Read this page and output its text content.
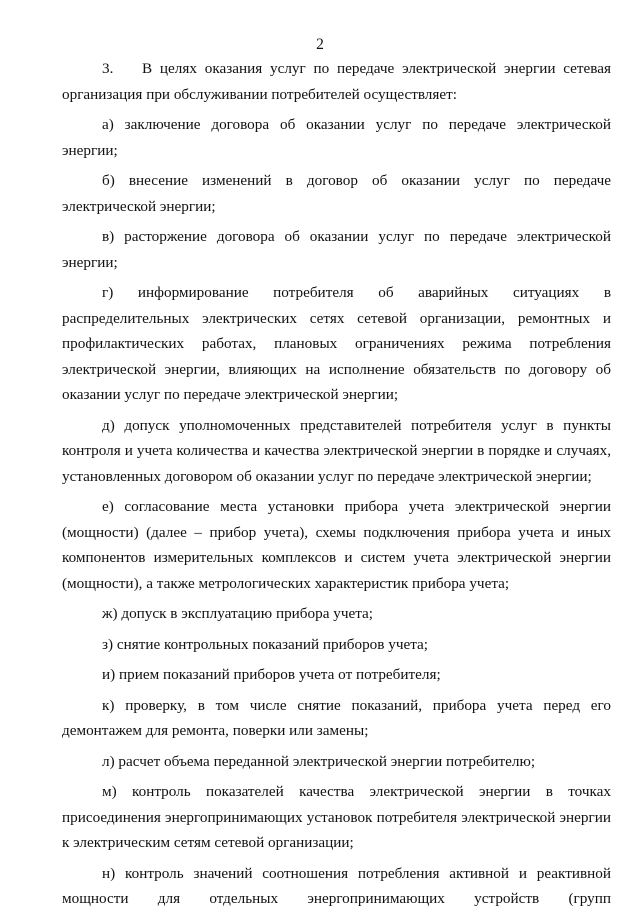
2

3. В целях оказания услуг по передаче электрической энергии сетевая организация при обслуживании потребителей осуществляет:

а) заключение договора об оказании услуг по передаче электрической энергии;

б) внесение изменений в договор об оказании услуг по передаче электрической энергии;

в) расторжение договора об оказании услуг по передаче электрической энергии;

г) информирование потребителя об аварийных ситуациях в распределительных электрических сетях сетевой организации, ремонтных и профилактических работах, плановых ограничениях режима потребления электрической энергии, влияющих на исполнение обязательств по договору об оказании услуг по передаче электрической энергии;

д) допуск уполномоченных представителей потребителя услуг в пункты контроля и учета количества и качества электрической энергии в порядке и случаях, установленных договором об оказании услуг по передаче электрической энергии;

е) согласование места установки прибора учета электрической энергии (мощности) (далее – прибор учета), схемы подключения прибора учета и иных компонентов измерительных комплексов и систем учета электрической энергии (мощности), а также метрологических характеристик прибора учета;

ж) допуск в эксплуатацию прибора учета;

з) снятие контрольных показаний приборов учета;

и) прием показаний приборов учета от потребителя;

к) проверку, в том числе снятие показаний, прибора учета перед его демонтажем для ремонта, поверки или замены;

л) расчет объема переданной электрической энергии потребителю;

м) контроль показателей качества электрической энергии в точках присоединения энергопринимающих установок потребителя электрической энергии к электрическим сетям сетевой организации;

н) контроль значений соотношения потребления активной и реактивной мощности для отдельных энергопринимающих устройств (групп
